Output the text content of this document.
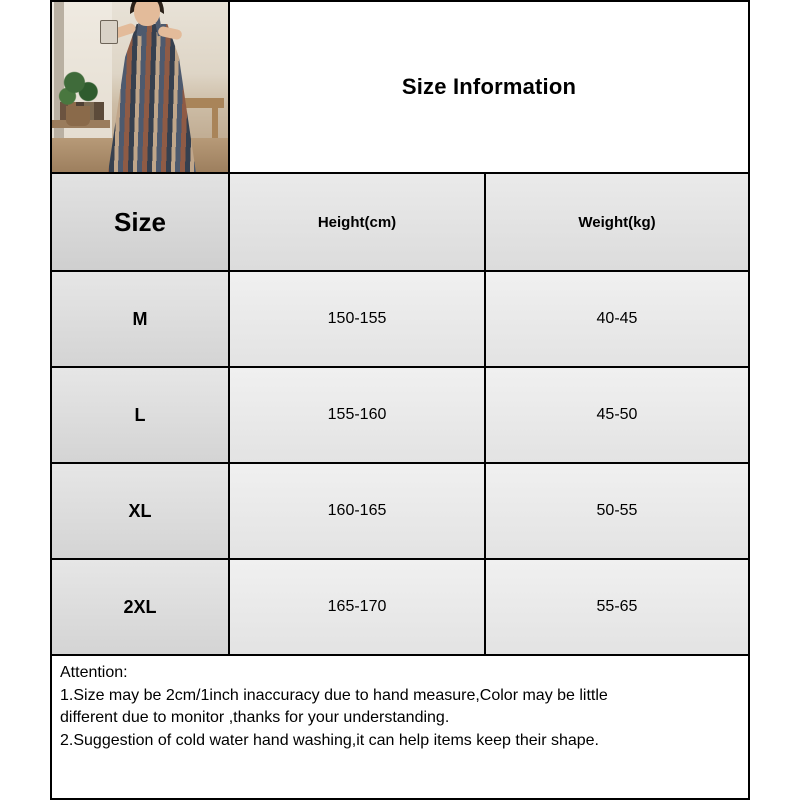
Size Information
Size	Height(cm)	Weight(kg)
M	150-155	40-45
L	155-160	45-50
XL	160-165	50-55
2XL	165-170	55-65

Attention:

1.Size may be 2cm/1inch inaccuracy due to hand measure,Color may be little

different due to monitor ,thanks for your understanding.

2.Suggestion of cold water hand washing,it can help items keep their shape.
